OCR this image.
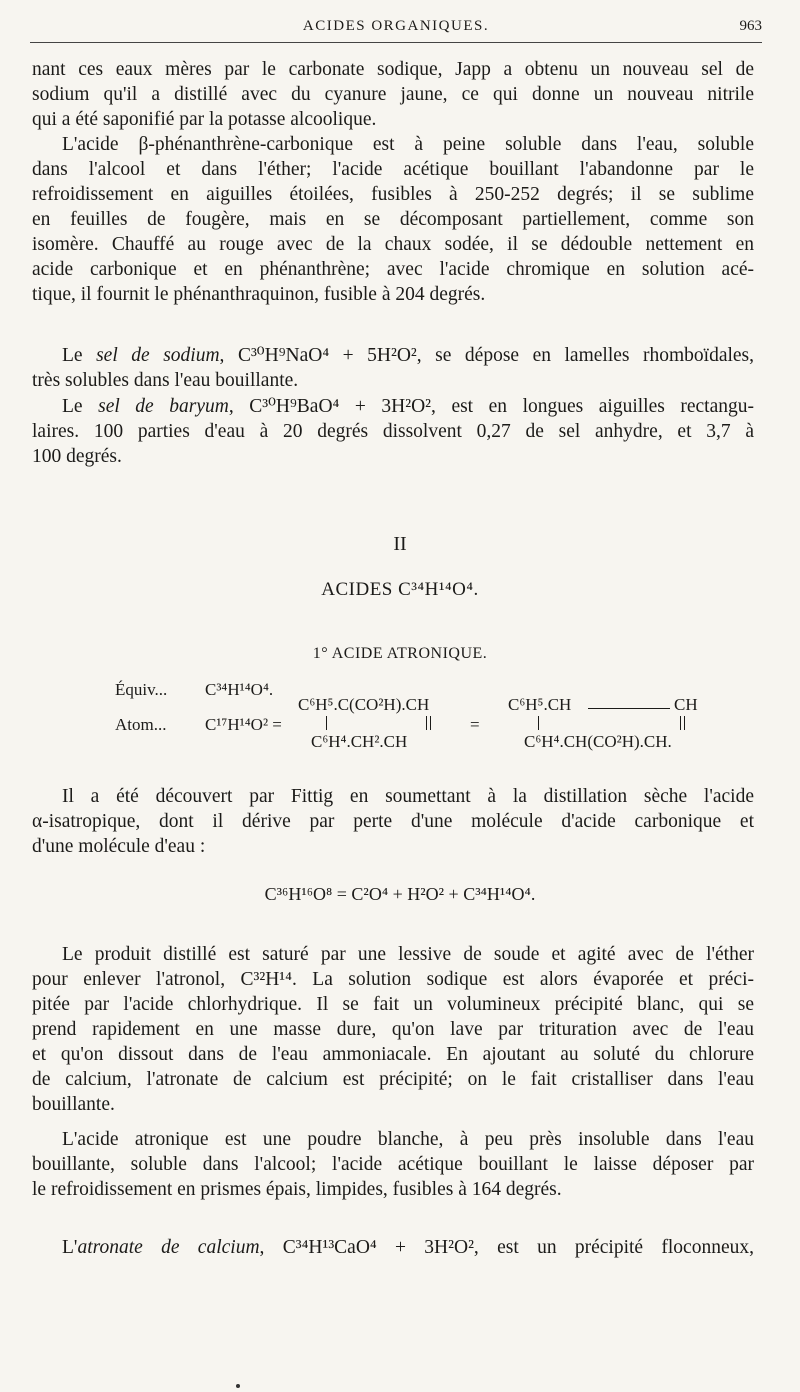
ACIDES ORGANIQUES.	963
nant ces eaux mères par le carbonate sodique, Japp a obtenu un nouveau sel de
sodium qu'il a distillé avec du cyanure jaune, ce qui donne un nouveau nitrile
qui a été saponifié par la potasse alcoolique.
L'acide β-phénanthrène-carbonique est à peine soluble dans l'eau, soluble
dans l'alcool et dans l'éther; l'acide acétique bouillant l'abandonne par le
refroidissement en aiguilles étoilées, fusibles à 250-252 degrés; il se sublime
en feuilles de fougère, mais en se décomposant partiellement, comme son
isomère. Chauffé au rouge avec de la chaux sodée, il se dédouble nettement en
acide carbonique et en phénanthrène; avec l'acide chromique en solution acé-
tique, il fournit le phénanthraquinon, fusible à 204 degrés.
Le sel de sodium, C³⁰H⁹NaO⁴ + 5H²O², se dépose en lamelles rhomboïdales,
très solubles dans l'eau bouillante.
Le sel de baryum, C³⁰H⁹BaO⁴ + 3H²O², est en longues aiguilles rectangu-
laires. 100 parties d'eau à 20 degrés dissolvent 0,27 de sel anhydre, et 3,7 à
100 degrés.
II
ACIDES C³⁴H¹⁴O⁴.
1° ACIDE ATRONIQUE.
Équiv... C³⁴H¹⁴O⁴.
Atom... C¹⁷H¹⁴O² =
C⁶H⁵.C(CO²H).CH
C⁶H⁴.CH².CH
=
C⁶H⁵.CH	CH
C⁶H⁴.CH(CO²H).CH.
Il a été découvert par Fittig en soumettant à la distillation sèche l'acide
α-isatropique, dont il dérive par perte d'une molécule d'acide carbonique et
d'une molécule d'eau :
C³⁶H¹⁶O⁸ = C²O⁴ + H²O² + C³⁴H¹⁴O⁴.
Le produit distillé est saturé par une lessive de soude et agité avec de l'éther
pour enlever l'atronol, C³²H¹⁴. La solution sodique est alors évaporée et préci-
pitée par l'acide chlorhydrique. Il se fait un volumineux précipité blanc, qui se
prend rapidement en une masse dure, qu'on lave par trituration avec de l'eau
et qu'on dissout dans de l'eau ammoniacale. En ajoutant au soluté du chlorure
de calcium, l'atronate de calcium est précipité; on le fait cristalliser dans l'eau
bouillante.
L'acide atronique est une poudre blanche, à peu près insoluble dans l'eau
bouillante, soluble dans l'alcool; l'acide acétique bouillant le laisse déposer par
le refroidissement en prismes épais, limpides, fusibles à 164 degrés.
L'atronate de calcium, C³⁴H¹³CaO⁴ + 3H²O², est un précipité floconneux,
